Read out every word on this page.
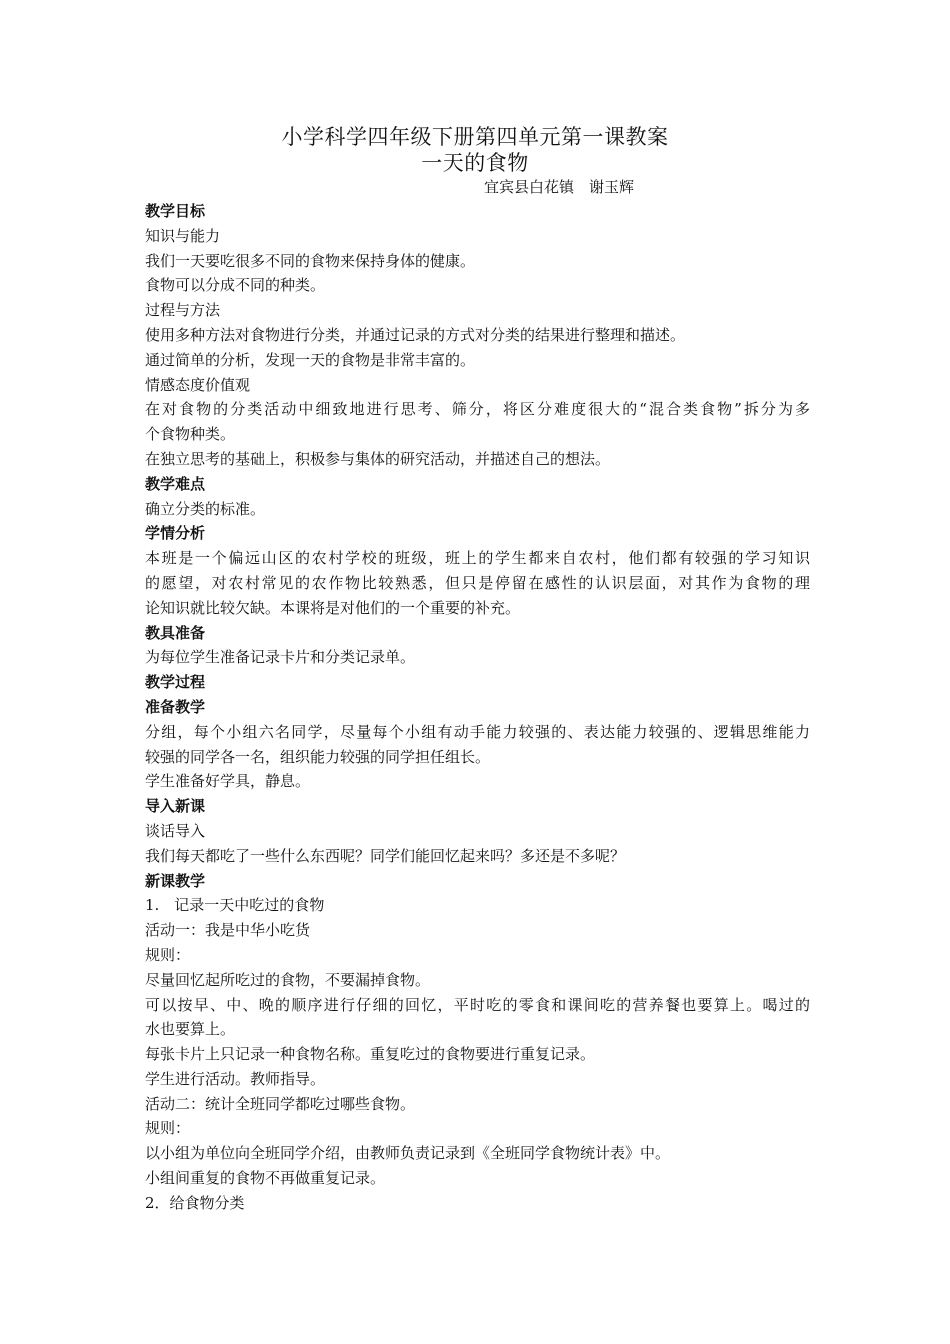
小学科学四年级下册第四单元第一课教案
一天的食物
宜宾县白花镇　谢玉辉
教学目标
知识与能力
我们一天要吃很多不同的食物来保持身体的健康。
食物可以分成不同的种类。
过程与方法
使用多种方法对食物进行分类，并通过记录的方式对分类的结果进行整理和描述。
通过简单的分析，发现一天的食物是非常丰富的。
情感态度价值观
在对食物的分类活动中细致地进行思考、筛分，将区分难度很大的“混合类食物”拆分为多
个食物种类。
在独立思考的基础上，积极参与集体的研究活动，并描述自己的想法。
教学难点
确立分类的标准。
学情分析
本班是一个偏远山区的农村学校的班级，班上的学生都来自农村，他们都有较强的学习知识
的愿望，对农村常见的农作物比较熟悉，但只是停留在感性的认识层面，对其作为食物的理
论知识就比较欠缺。本课将是对他们的一个重要的补充。
教具准备
为每位学生准备记录卡片和分类记录单。
教学过程
准备教学
分组，每个小组六名同学，尽量每个小组有动手能力较强的、表达能力较强的、逻辑思维能力
较强的同学各一名，组织能力较强的同学担任组长。
学生准备好学具，静息。
导入新课
谈话导入
我们每天都吃了一些什么东西呢？同学们能回忆起来吗？多还是不多呢？
新课教学
1.　记录一天中吃过的食物
活动一：我是中华小吃货
规则：
尽量回忆起所吃过的食物，不要漏掉食物。
可以按早、中、晚的顺序进行仔细的回忆，平时吃的零食和课间吃的营养餐也要算上。喝过的
水也要算上。
每张卡片上只记录一种食物名称。重复吃过的食物要进行重复记录。
学生进行活动。教师指导。
活动二：统计全班同学都吃过哪些食物。
规则：
以小组为单位向全班同学介绍，由教师负责记录到《全班同学食物统计表》中。
小组间重复的食物不再做重复记录。
2．给食物分类
